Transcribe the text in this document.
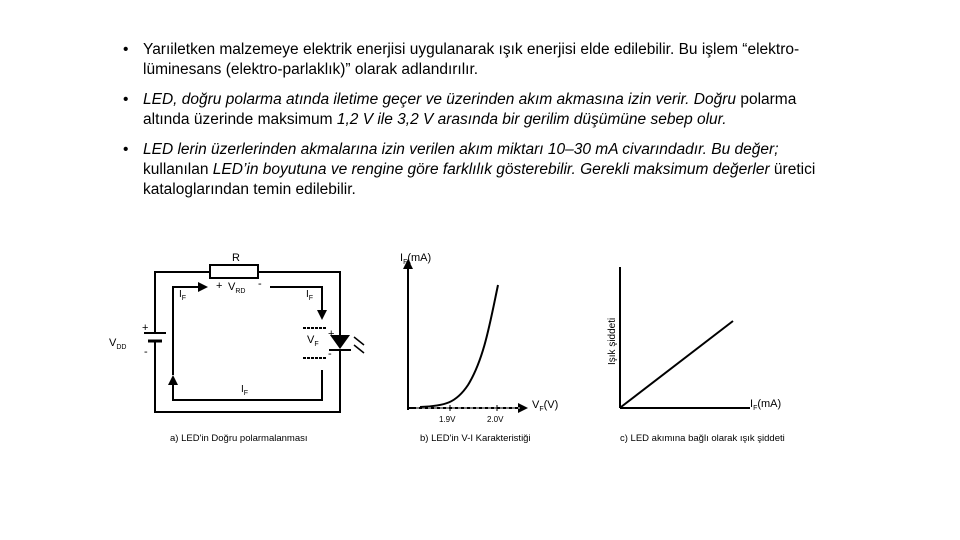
• Yarıiletken malzemeye elektrik enerjisi uygulanarak ışık enerjisi elde edilebilir. Bu işlem “elektro-lüminesans (elektro-parlaklık)” olarak adlandırılır.
• LED, doğru polarma atında iletime geçer ve üzerinden akım akmasına izin verir. Doğru polarma altında üzerinde maksimum 1,2 V ile 3,2 V arasında bir gerilim düşümüne sebep olur.
• LED lerin üzerlerinden akmalarına izin verilen akım miktarı 10–30 mA civarındadır. Bu değer; kullanılan LED’in boyutuna ve rengine göre farklılık gösterebilir. Gerekli maksimum değerler üretici kataloglarından temin edilebilir.
R
+ $V_{RD}$
-
$I_F$	$I_F$
$I_F$
+
$V_{DD}$ -
+
$V_F$
-
a) LED'in Doğru polarmalanması
$I_F(mA)$
$V_F(V)$
1.9V	2.0V
b) LED'in V-I Karakteristiği
Işık şiddeti
$I_F(mA)$
c) LED akımına bağlı olarak ışık şiddeti
